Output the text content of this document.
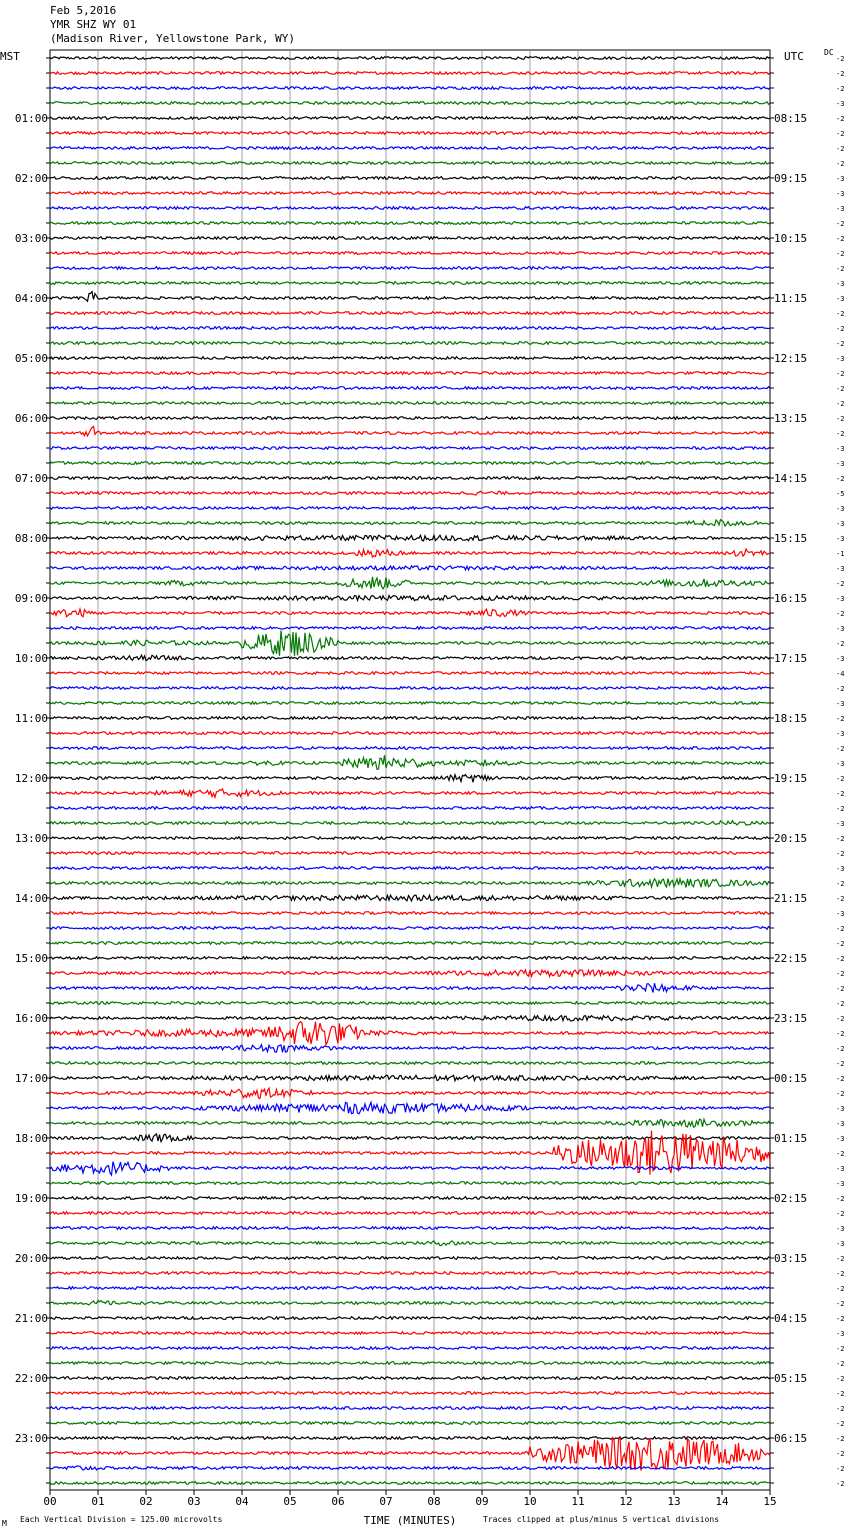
00	01	02	03	04	05	06	07	08	09	10	11	12	13	14	15
TIME (MINUTES)
-2
-2
-2
-3
-2
-2
-2
-2
-3
-3
-3
-2
-2
-2
-2
-3
-3
-2
-2
-2
-3
-2
-2
-2
-2
-2
-3
-3
-2
-5
-3
-3
-3
-1
-3
-2
-3
-2
-3
-2
-3
-4
-2
-3
-2
-3
-2
-3
-2
-2
-2
-3
-2
-2
-3
-2
-2
-3
-2
-2
-2
-2
-2
-2
-2
-2
-2
-2
-2
-2
-3
-3
-3
-2
-3
-3
-2
-2
-3
-3
-2
-2
-2
-2
-2
-3
-2
-2
-2
-2
-2
-2
-2
-2
-2
-2
01:00
02:00
03:00
04:00
05:00
06:00
07:00
08:00
09:00
10:00
11:00
12:00
13:00
14:00
15:00
16:00
17:00
18:00
19:00
20:00
21:00
22:00
23:00
08:15
09:15
10:15
11:15
12:15
13:15
14:15
15:15
16:15
17:15
18:15
19:15
20:15
21:15
22:15
23:15
00:15
01:15
02:15
03:15
04:15
05:15
06:15
Feb 5,2016
YMR SHZ WY 01
(Madison River, Yellowstone Park, WY)
MST	UTC	DC
M Each Vertical Division = 125.00 microvolts	Traces clipped at plus/minus 5 vertical divisions
